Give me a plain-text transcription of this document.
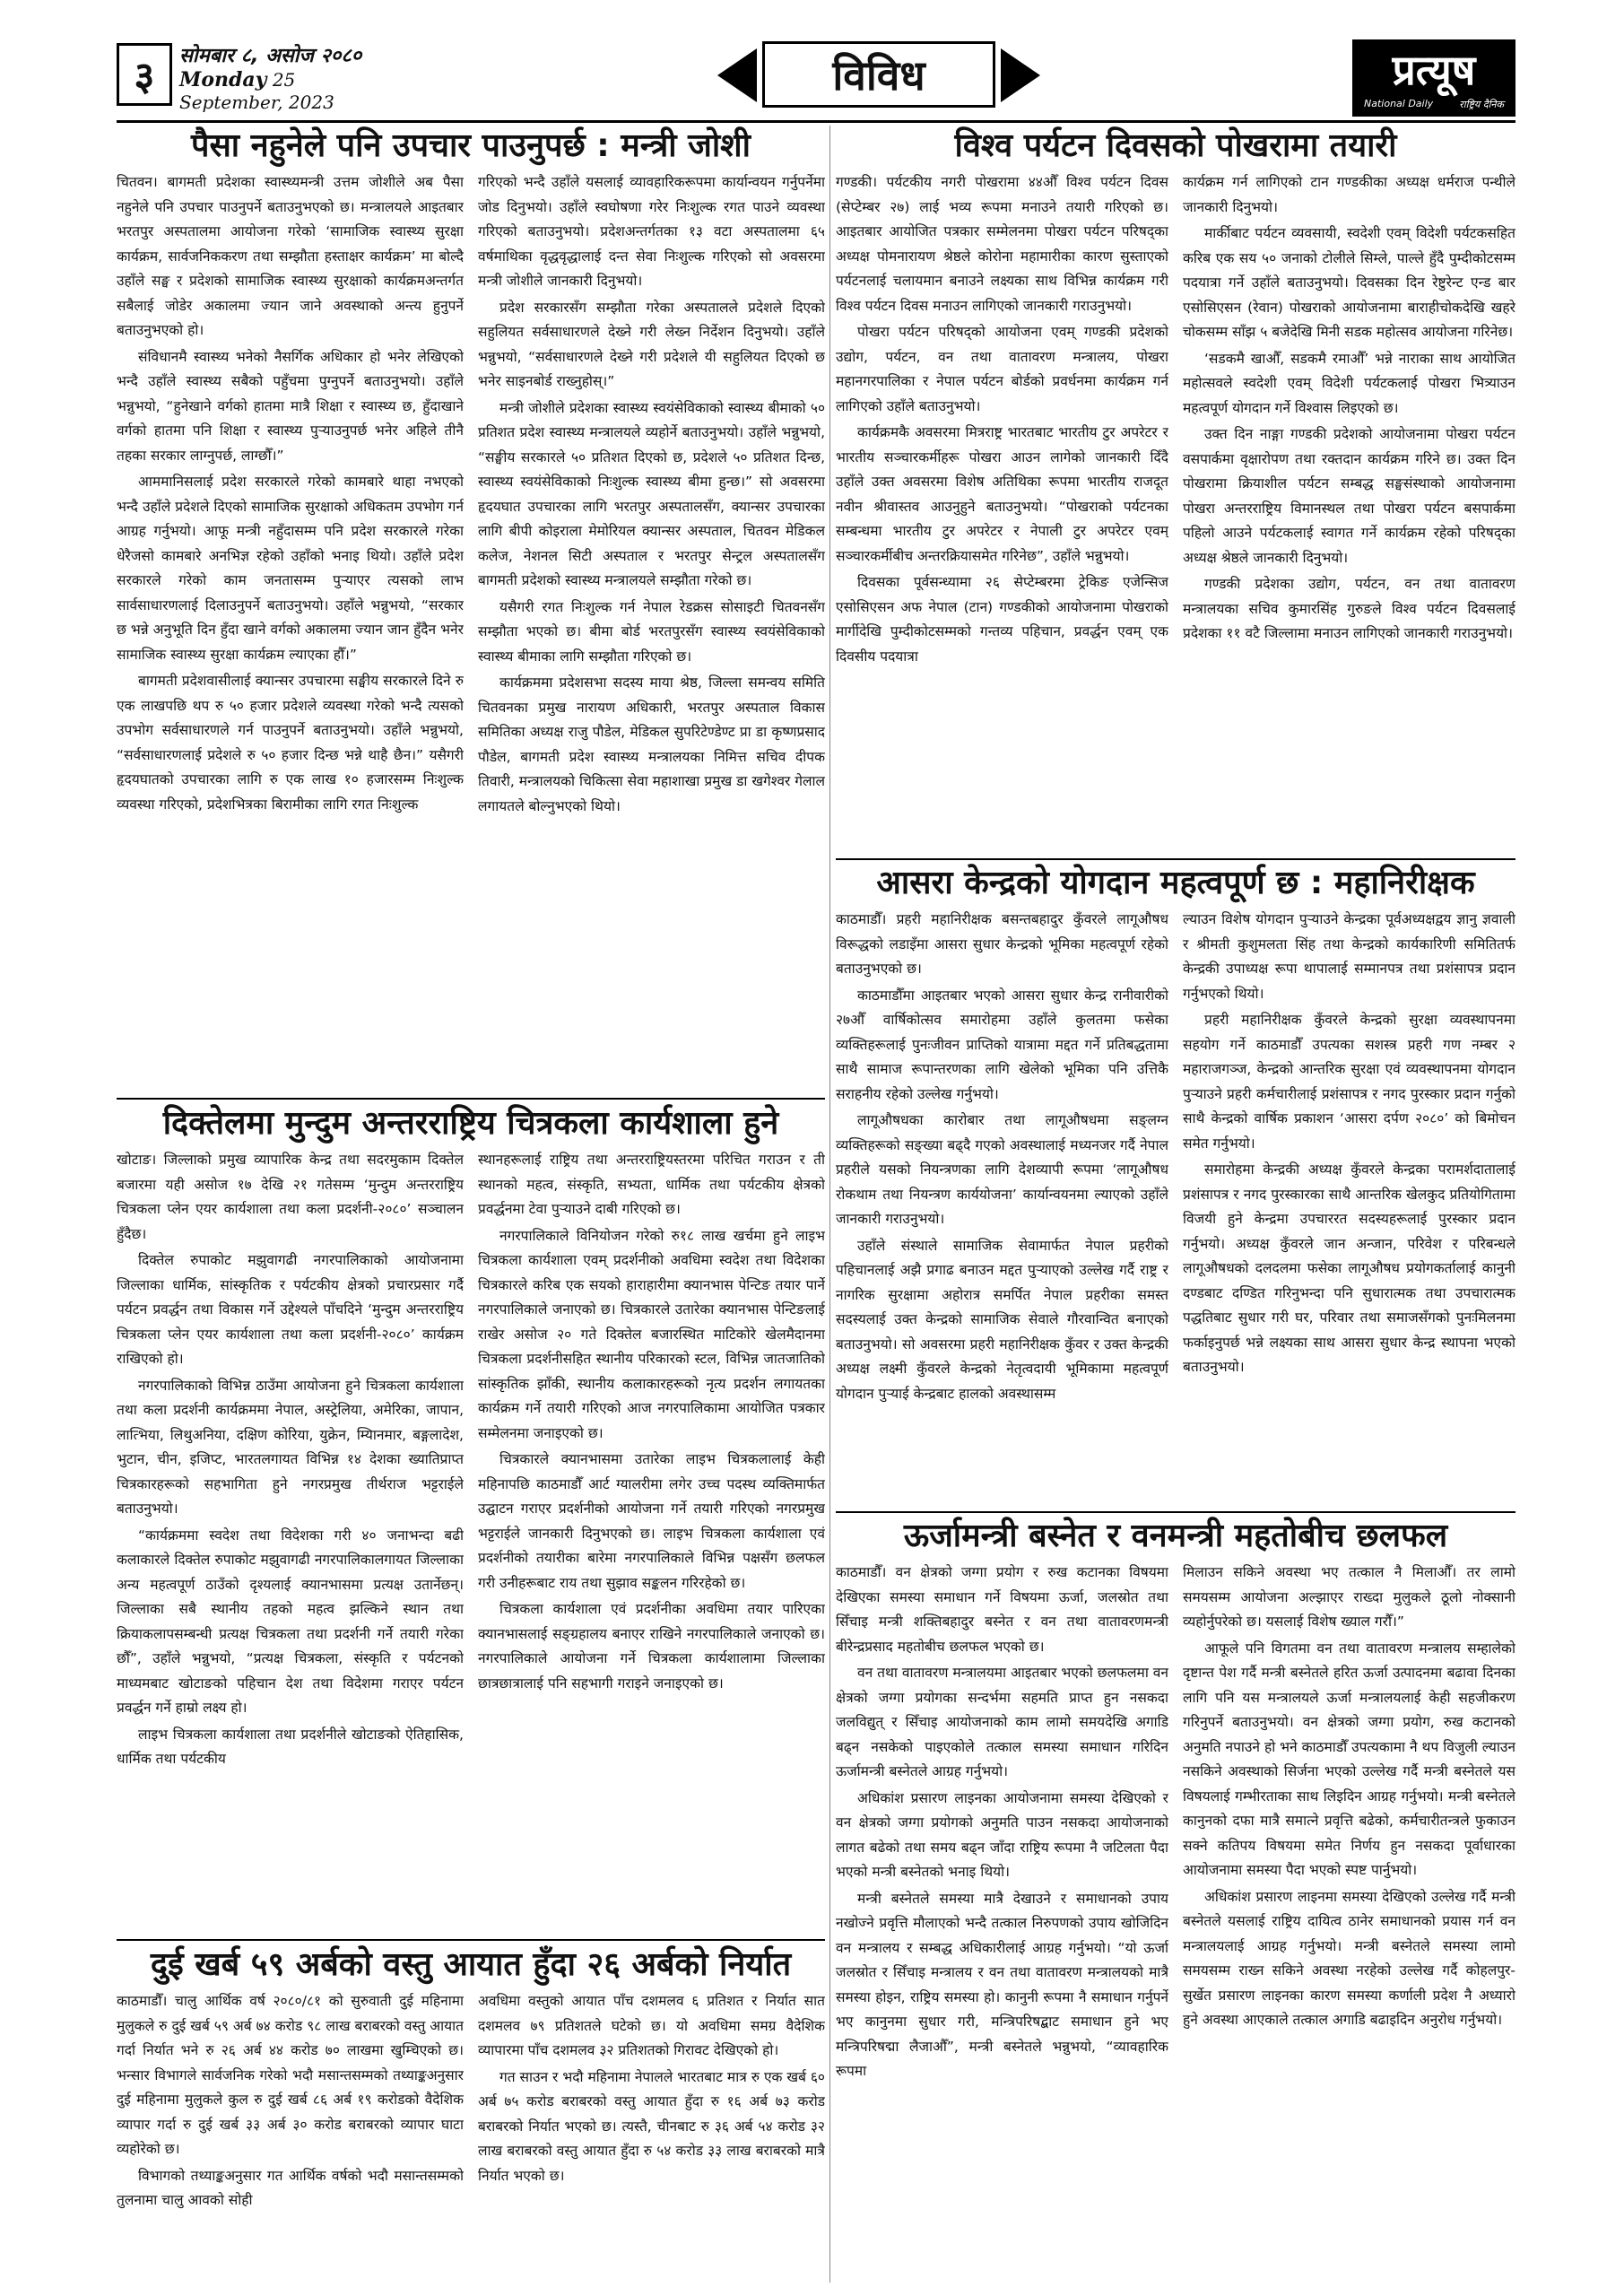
३	सोमबार ८, असोज २०८०
Monday 25 September, 2023
विविध	प्रत्यूष
National Daily	राष्ट्रिय दैनिक
पैसा नहुनेले पनि उपचार पाउनुपर्छ : मन्त्री जोशी

चितवन। बागमती प्रदेशका स्वास्थ्यमन्त्री उत्तम जोशीले अब पैसा नहुनेले पनि उपचार पाउनुपर्ने बताउनुभएको छ। मन्त्रालयले आइतबार भरतपुर अस्पतालमा आयोजना गरेको ‘सामाजिक स्वास्थ्य सुरक्षा कार्यक्रम, सार्वजनिककरण तथा सम्झौता हस्ताक्षर कार्यक्रम’ मा बोल्दै उहाँले सङ्घ र प्रदेशको सामाजिक स्वास्थ्य सुरक्षाको कार्यक्रमअन्तर्गत सबैलाई जोडेर अकालमा ज्यान जाने अवस्थाको अन्त्य हुनुपर्ने बताउनुभएको हो।

संविधानमै स्वास्थ्य भनेको नैसर्गिक अधिकार हो भनेर लेखिएको भन्दै उहाँले स्वास्थ्य सबैको पहुँचमा पुग्नुपर्ने बताउनुभयो। उहाँले भन्नुभयो, “हुनेखाने वर्गको हातमा मात्रै शिक्षा र स्वास्थ्य छ, हुँदाखाने वर्गको हातमा पनि शिक्षा र स्वास्थ्य पुऱ्याउनुपर्छ भनेर अहिले तीनै तहका सरकार लाग्नुपर्छ, लाग्छौँ।”

आममानिसलाई प्रदेश सरकारले गरेको कामबारे थाहा नभएको भन्दै उहाँले प्रदेशले दिएको सामाजिक सुरक्षाको अधिकतम उपभोग गर्न आग्रह गर्नुभयो। आफू मन्त्री नहुँदासम्म पनि प्रदेश सरकारले गरेका धेरैजसो कामबारे अनभिज्ञ रहेको उहाँको भनाइ थियो। उहाँले प्रदेश सरकारले गरेको काम जनतासम्म पुऱ्याएर त्यसको लाभ सार्वसाधारणलाई दिलाउनुपर्ने बताउनुभयो। उहाँले भन्नुभयो, “सरकार छ भन्ने अनुभूति दिन हुँदा खाने वर्गको अकालमा ज्यान जान हुँदैन भनेर सामाजिक स्वास्थ्य सुरक्षा कार्यक्रम ल्याएका हौँ।”

बागमती प्रदेशवासीलाई क्यान्सर उपचारमा सङ्घीय सरकारले दिने रु एक लाखपछि थप रु ५० हजार प्रदेशले व्यवस्था गरेको भन्दै त्यसको उपभोग सर्वसाधारणले गर्न पाउनुपर्ने बताउनुभयो। उहाँले भन्नुभयो, “सर्वसाधारणलाई प्रदेशले रु ५० हजार दिन्छ भन्ने थाहै छैन।” यसैगरी हृदयघातको उपचारका लागि रु एक लाख १० हजारसम्म निःशुल्क व्यवस्था गरिएको, प्रदेशभित्रका बिरामीका लागि रगत निःशुल्क

गरिएको भन्दै उहाँले यसलाई व्यावहारिकरूपमा कार्यान्वयन गर्नुपर्नेमा जोड दिनुभयो। उहाँले स्वघोषणा गरेर निःशुल्क रगत पाउने व्यवस्था गरिएको बताउनुभयो। प्रदेशअन्तर्गतका १३ वटा अस्पतालमा ६५ वर्षमाथिका वृद्धवृद्धालाई दन्त सेवा निःशुल्क गरिएको सो अवसरमा मन्त्री जोशीले जानकारी दिनुभयो।

प्रदेश सरकारसँग सम्झौता गरेका अस्पतालले प्रदेशले दिएको सहुलियत सर्वसाधारणले देख्ने गरी लेख्न निर्देशन दिनुभयो। उहाँले भन्नुभयो, “सर्वसाधारणले देख्ने गरी प्रदेशले यी सहुलियत दिएको छ भनेर साइनबोर्ड राख्नुहोस्।”

मन्त्री जोशीले प्रदेशका स्वास्थ्य स्वयंसेविकाको स्वास्थ्य बीमाको ५० प्रतिशत प्रदेश स्वास्थ्य मन्त्रालयले व्यहोर्ने बताउनुभयो। उहाँले भन्नुभयो, “सङ्घीय सरकारले ५० प्रतिशत दिएको छ, प्रदेशले ५० प्रतिशत दिन्छ, स्वास्थ्य स्वयंसेविकाको निःशुल्क स्वास्थ्य बीमा हुन्छ।” सो अवसरमा हृदयघात उपचारका लागि भरतपुर अस्पतालसँग, क्यान्सर उपचारका लागि बीपी कोइराला मेमोरियल क्यान्सर अस्पताल, चितवन मेडिकल कलेज, नेशनल सिटी अस्पताल र भरतपुर सेन्ट्रल अस्पतालसँग बागमती प्रदेशको स्वास्थ्य मन्त्रालयले सम्झौता गरेको छ।

यसैगरी रगत निःशुल्क गर्न नेपाल रेडक्रस सोसाइटी चितवनसँग सम्झौता भएको छ। बीमा बोर्ड भरतपुरसँग स्वास्थ्य स्वयंसेविकाको स्वास्थ्य बीमाका लागि सम्झौता गरिएको छ।

कार्यक्रममा प्रदेशसभा सदस्य माया श्रेष्ठ, जिल्ला समन्वय समिति चितवनका प्रमुख नारायण अधिकारी, भरतपुर अस्पताल विकास समितिका अध्यक्ष राजु पौडेल, मेडिकल सुपरिटेण्डेण्ट प्रा डा कृष्णप्रसाद पौडेल, बागमती प्रदेश स्वास्थ्य मन्त्रालयका निमित्त सचिव दीपक तिवारी, मन्त्रालयको चिकित्सा सेवा महाशाखा प्रमुख डा खगेश्वर गेलाल लगायतले बोल्नुभएको थियो।

विश्व पर्यटन दिवसको पोखरामा तयारी

गण्डकी। पर्यटकीय नगरी पोखरामा ४४औँ विश्व पर्यटन दिवस (सेप्टेम्बर २७) लाई भव्य रूपमा मनाउने तयारी गरिएको छ। आइतबार आयोजित पत्रकार सम्मेलनमा पोखरा पर्यटन परिषद्का अध्यक्ष पोमनारायण श्रेष्ठले कोरोना महामारीका कारण सुस्ताएको पर्यटनलाई चलायमान बनाउने लक्ष्यका साथ विभिन्न कार्यक्रम गरी विश्व पर्यटन दिवस मनाउन लागिएको जानकारी गराउनुभयो।

पोखरा पर्यटन परिषद्को आयोजना एवम् गण्डकी प्रदेशको उद्योग, पर्यटन, वन तथा वातावरण मन्त्रालय, पोखरा महानगरपालिका र नेपाल पर्यटन बोर्डको प्रवर्धनमा कार्यक्रम गर्न लागिएको उहाँले बताउनुभयो।

कार्यक्रमकै अवसरमा मित्रराष्ट्र भारतबाट भारतीय टुर अपरेटर र भारतीय सञ्चारकर्मीहरू पोखरा आउन लागेको जानकारी दिँदै उहाँले उक्त अवसरमा विशेष अतिथिका रूपमा भारतीय राजदूत नवीन श्रीवास्तव आउनुहुने बताउनुभयो। “पोखराको पर्यटनका सम्बन्धमा भारतीय टुर अपरेटर र नेपाली टुर अपरेटर एवम् सञ्चारकर्मीबीच अन्तरक्रियासमेत गरिनेछ”, उहाँले भन्नुभयो।

दिवसका पूर्वसन्ध्यामा २६ सेप्टेम्बरमा ट्रेकिङ एजेन्सिज एसोसिएसन अफ नेपाल (टान) गण्डकीको आयोजनामा पोखराको मार्गीदेखि पुम्दीकोटसम्मको गन्तव्य पहिचान, प्रवर्द्धन एवम् एक दिवसीय पदयात्रा

कार्यक्रम गर्न लागिएको टान गण्डकीका अध्यक्ष धर्मराज पन्थीले जानकारी दिनुभयो।

मार्कीबाट पर्यटन व्यवसायी, स्वदेशी एवम् विदेशी पर्यटकसहित करिब एक सय ५० जनाको टोलीले सिम्ले, पाल्ले हुँदै पुम्दीकोटसम्म पदयात्रा गर्ने उहाँले बताउनुभयो। दिवसका दिन रेष्टुरेन्ट एन्ड बार एसोसिएसन (रेवान) पोखराको आयोजनामा बाराहीचोकदेखि खहरे चोकसम्म साँझ ५ बजेदेखि मिनी सडक महोत्सव आयोजना गरिनेछ।

‘सडकमै खाऔँ, सडकमै रमाऔँ’ भन्ने नाराका साथ आयोजित महोत्सवले स्वदेशी एवम् विदेशी पर्यटकलाई पोखरा भित्र्याउन महत्वपूर्ण योगदान गर्ने विश्वास लिइएको छ।

उक्त दिन नाङ्गा गण्डकी प्रदेशको आयोजनामा पोखरा पर्यटन वसपार्कमा वृक्षारोपण तथा रक्तदान कार्यक्रम गरिने छ। उक्त दिन पोखरामा क्रियाशील पर्यटन सम्बद्ध सङ्घसंस्थाको आयोजनामा पोखरा अन्तरराष्ट्रिय विमानस्थल तथा पोखरा पर्यटन बसपार्कमा पहिलो आउने पर्यटकलाई स्वागत गर्ने कार्यक्रम रहेको परिषद्का अध्यक्ष श्रेष्ठले जानकारी दिनुभयो।

गण्डकी प्रदेशका उद्योग, पर्यटन, वन तथा वातावरण मन्त्रालयका सचिव कुमारसिंह गुरुङले विश्व पर्यटन दिवसलाई प्रदेशका ११ वटै जिल्लामा मनाउन लागिएको जानकारी गराउनुभयो।

आसरा केन्द्रको योगदान महत्वपूर्ण छ : महानिरीक्षक

काठमाडौँ। प्रहरी महानिरीक्षक बसन्तबहादुर कुँवरले लागूऔषध विरूद्धको लडाइँमा आसरा सुधार केन्द्रको भूमिका महत्वपूर्ण रहेको बताउनुभएको छ।

काठमाडौँमा आइतबार भएको आसरा सुधार केन्द्र रानीवारीको २७औँ वार्षिकोत्सव समारोहमा उहाँले कुलतमा फसेका व्यक्तिहरूलाई पुनःजीवन प्राप्तिको यात्रामा मद्दत गर्ने प्रतिबद्धतामा साथै सामाज रूपान्तरणका लागि खेलेको भूमिका पनि उत्तिकै सराहनीय रहेको उल्लेख गर्नुभयो।

लागूऔषधका कारोबार तथा लागूऔषधमा सङ्लग्न व्यक्तिहरूको सङ्ख्या बढ्दै गएको अवस्थालाई मध्यनजर गर्दै नेपाल प्रहरीले यसको नियन्त्रणका लागि देशव्यापी रूपमा ‘लागूऔषध रोकथाम तथा नियन्त्रण कार्ययोजना’ कार्यान्वयनमा ल्याएको उहाँले जानकारी गराउनुभयो।

उहाँले संस्थाले सामाजिक सेवामार्फत नेपाल प्रहरीको पहिचानलाई अझै प्रगाढ बनाउन मद्दत पुऱ्याएको उल्लेख गर्दै राष्ट्र र नागरिक सुरक्षामा अहोरात्र समर्पित नेपाल प्रहरीका समस्त सदस्यलाई उक्त केन्द्रको सामाजिक सेवाले गौरवान्वित बनाएको बताउनुभयो। सो अवसरमा प्रहरी महानिरीक्षक कुँवर र उक्त केन्द्रकी अध्यक्ष लक्ष्मी कुँवरले केन्द्रको नेतृत्वदायी भूमिकामा महत्वपूर्ण योगदान पुऱ्याई केन्द्रबाट हालको अवस्थासम्म

ल्याउन विशेष योगदान पुऱ्याउने केन्द्रका पूर्वअध्यक्षद्वय ज्ञानु ज्ञवाली र श्रीमती कुशुमलता सिंह तथा केन्द्रको कार्यकारिणी समितितर्फ केन्द्रकी उपाध्यक्ष रूपा थापालाई सम्मानपत्र तथा प्रशंसापत्र प्रदान गर्नुभएको थियो।

प्रहरी महानिरीक्षक कुँवरले केन्द्रको सुरक्षा व्यवस्थापनमा सहयोग गर्ने काठमाडौँ उपत्यका सशस्त्र प्रहरी गण नम्बर २ महाराजगञ्ज, केन्द्रको आन्तरिक सुरक्षा एवं व्यवस्थापनमा योगदान पुऱ्याउने प्रहरी कर्मचारीलाई प्रशंसापत्र र नगद पुरस्कार प्रदान गर्नुको साथै केन्द्रको वार्षिक प्रकाशन ‘आसरा दर्पण २०८०’ को बिमोचन समेत गर्नुभयो।

समारोहमा केन्द्रकी अध्यक्ष कुँवरले केन्द्रका परामर्शदातालाई प्रशंसापत्र र नगद पुरस्कारका साथै आन्तरिक खेलकुद प्रतियोगितामा विजयी हुने केन्द्रमा उपचाररत सदस्यहरूलाई पुरस्कार प्रदान गर्नुभयो। अध्यक्ष कुँवरले जान अन्जान, परिवेश र परिबन्धले लागूऔषधको दलदलमा फसेका लागूऔषध प्रयोगकर्तालाई कानुनी दण्डबाट दण्डित गरिनुभन्दा पनि सुधारात्मक तथा उपचारात्मक पद्धतिबाट सुधार गरी घर, परिवार तथा समाजसँगको पुनःमिलनमा फर्काइनुपर्छ भन्ने लक्ष्यका साथ आसरा सुधार केन्द्र स्थापना भएको बताउनुभयो।

दिक्तेलमा मुन्दुम अन्तरराष्ट्रिय चित्रकला कार्यशाला हुने

खोटाङ। जिल्लाको प्रमुख व्यापारिक केन्द्र तथा सदरमुकाम दिक्तेल बजारमा यही असोज १७ देखि २१ गतेसम्म ‘मुन्दुम अन्तरराष्ट्रिय चित्रकला प्लेन एयर कार्यशाला तथा कला प्रदर्शनी-२०८०’ सञ्चालन हुँदैछ।

दिक्तेल रुपाकोट मझुवागढी नगरपालिकाको आयोजनामा जिल्लाका धार्मिक, सांस्कृतिक र पर्यटकीय क्षेत्रको प्रचारप्रसार गर्दै पर्यटन प्रवर्द्धन तथा विकास गर्ने उद्देश्यले पाँचदिने ‘मुन्दुम अन्तरराष्ट्रिय चित्रकला प्लेन एयर कार्यशाला तथा कला प्रदर्शनी-२०८०’ कार्यक्रम राखिएको हो।

नगरपालिकाको विभिन्न ठाउँमा आयोजना हुने चित्रकला कार्यशाला तथा कला प्रदर्शनी कार्यक्रममा नेपाल, अस्ट्रेलिया, अमेरिका, जापान, लात्भिया, लिथुअनिया, दक्षिण कोरिया, युक्रेन, म्यिानमार, बङ्गलादेश, भुटान, चीन, इजिप्ट, भारतलगायत विभिन्न १४ देशका ख्यातिप्राप्त चित्रकारहरूको सहभागिता हुने नगरप्रमुख तीर्थराज भट्टराईले बताउनुभयो।

“कार्यक्रममा स्वदेश तथा विदेशका गरी ४० जनाभन्दा बढी कलाकारले दिक्तेल रुपाकोट मझुवागढी नगरपालिकालगायत जिल्लाका अन्य महत्वपूर्ण ठाउँको दृश्यलाई क्यानभासमा प्रत्यक्ष उतार्नेछन्। जिल्लाका सबै स्थानीय तहको महत्व झल्किने स्थान तथा क्रियाकलापसम्बन्धी प्रत्यक्ष चित्रकला तथा प्रदर्शनी गर्ने तयारी गरेका छौँ”, उहाँले भन्नुभयो, “प्रत्यक्ष चित्रकला, संस्कृति र पर्यटनको माध्यमबाट खोटाङको पहिचान देश तथा विदेशमा गराएर पर्यटन प्रवर्द्धन गर्ने हाम्रो लक्ष्य हो।

लाइभ चित्रकला कार्यशाला तथा प्रदर्शनीले खोटाङको ऐतिहासिक, धार्मिक तथा पर्यटकीय

स्थानहरूलाई राष्ट्रिय तथा अन्तरराष्ट्रियस्तरमा परिचित गराउन र ती स्थानको महत्व, संस्कृति, सभ्यता, धार्मिक तथा पर्यटकीय क्षेत्रको प्रवर्द्धनमा टेवा पुऱ्याउने दाबी गरिएको छ।

नगरपालिकाले विनियोजन गरेको रु१८ लाख खर्चमा हुने लाइभ चित्रकला कार्यशाला एवम् प्रदर्शनीको अवधिमा स्वदेश तथा विदेशका चित्रकारले करिब एक सयको हाराहारीमा क्यानभास पेन्टिङ तयार पार्ने नगरपालिकाले जनाएको छ। चित्रकारले उतारेका क्यानभास पेन्टिङलाई राखेर असोज २० गते दिक्तेल बजारस्थित माटिकोरे खेलमैदानमा चित्रकला प्रदर्शनीसहित स्थानीय परिकारको स्टल, विभिन्न जातजातिको सांस्कृतिक झाँकी, स्थानीय कलाकारहरूको नृत्य प्रदर्शन लगायतका कार्यक्रम गर्ने तयारी गरिएको आज नगरपालिकामा आयोजित पत्रकार सम्मेलनमा जनाइएको छ।

चित्रकारले क्यानभासमा उतारेका लाइभ चित्रकलालाई केही महिनापछि काठमाडौँ आर्ट ग्यालरीमा लगेर उच्च पदस्थ व्यक्तिमार्फत उद्घाटन गराएर प्रदर्शनीको आयोजना गर्ने तयारी गरिएको नगरप्रमुख भट्टराईले जानकारी दिनुभएको छ। लाइभ चित्रकला कार्यशाला एवं प्रदर्शनीको तयारीका बारेमा नगरपालिकाले विभिन्न पक्षसँग छलफल गरी उनीहरूबाट राय तथा सुझाव सङ्कलन गरिरहेको छ।

चित्रकला कार्यशाला एवं प्रदर्शनीका अवधिमा तयार पारिएका क्यानभासलाई सङ्ग्रहालय बनाएर राखिने नगरपालिकाले जनाएको छ। नगरपालिकाले आयोजना गर्ने चित्रकला कार्यशालामा जिल्लाका छात्रछात्रालाई पनि सहभागी गराइने जनाइएको छ।

ऊर्जामन्त्री बस्नेत र वनमन्त्री महतोबीच छलफल

काठमाडौँ। वन क्षेत्रको जग्गा प्रयोग र रुख कटानका विषयमा देखिएका समस्या समाधान गर्ने विषयमा ऊर्जा, जलस्रोत तथा सिँचाइ मन्त्री शक्तिबहादुर बस्नेत र वन तथा वातावरणमन्त्री बीरेन्द्रप्रसाद महतोबीच छलफल भएको छ।

वन तथा वातावरण मन्त्रालयमा आइतबार भएको छलफलमा वन क्षेत्रको जग्गा प्रयोगका सन्दर्भमा सहमति प्राप्त हुन नसकदा जलविद्युत् र सिँचाइ आयोजनाको काम लामो समयदेखि अगाडि बढ्न नसकेको पाइएकोले तत्काल समस्या समाधान गरिदिन ऊर्जामन्त्री बस्नेतले आग्रह गर्नुभयो।

अधिकांश प्रसारण लाइनका आयोजनामा समस्या देखिएको र वन क्षेत्रको जग्गा प्रयोगको अनुमति पाउन नसकदा आयोजनाको लागत बढेको तथा समय बढ्न जाँदा राष्ट्रिय रूपमा नै जटिलता पैदा भएको मन्त्री बस्नेतको भनाइ थियो।

मन्त्री बस्नेतले समस्या मात्रै देखाउने र समाधानको उपाय नखोज्ने प्रवृत्ति मौलाएको भन्दै तत्काल निरुपणको उपाय खोजिदिन वन मन्त्रालय र सम्बद्ध अधिकारीलाई आग्रह गर्नुभयो। “यो ऊर्जा जलस्रोत र सिँचाइ मन्त्रालय र वन तथा वातावरण मन्त्रालयको मात्रै समस्या होइन, राष्ट्रिय समस्या हो। कानुनी रूपमा नै समाधान गर्नुपर्ने भए कानुनमा सुधार गरी, मन्त्रिपरिषद्बाट समाधान हुने भए मन्त्रिपरिषद्मा लैजाऔँ”, मन्त्री बस्नेतले भन्नुभयो, “व्यावहारिक रूपमा

मिलाउन सकिने अवस्था भए तत्काल नै मिलाऔँ। तर लामो समयसम्म आयोजना अल्झाएर राख्दा मुलुकले ठूलो नोक्सानी व्यहोर्नुपरेको छ। यसलाई विशेष ख्याल गरौँ।”

आफूले पनि विगतमा वन तथा वातावरण मन्त्रालय सम्हालेको दृष्टान्त पेश गर्दै मन्त्री बस्नेतले हरित ऊर्जा उत्पादनमा बढावा दिनका लागि पनि यस मन्त्रालयले ऊर्जा मन्त्रालयलाई केही सहजीकरण गरिनुपर्ने बताउनुभयो। वन क्षेत्रको जग्गा प्रयोग, रुख कटानको अनुमति नपाउने हो भने काठमाडौँ उपत्यकामा नै थप विजुली ल्याउन नसकिने अवस्थाको सिर्जना भएको उल्लेख गर्दै मन्त्री बस्नेतले यस विषयलाई गम्भीरताका साथ लिइदिन आग्रह गर्नुभयो। मन्त्री बस्नेतले कानुनको दफा मात्रै समात्ने प्रवृत्ति बढेको, कर्मचारीतन्त्रले फुकाउन सक्ने कतिपय विषयमा समेत निर्णय हुन नसकदा पूर्वाधारका आयोजनामा समस्या पैदा भएको स्पष्ट पार्नुभयो।

अधिकांश प्रसारण लाइनमा समस्या देखिएको उल्लेख गर्दै मन्त्री बस्नेतले यसलाई राष्ट्रिय दायित्व ठानेर समाधानको प्रयास गर्न वन मन्त्रालयलाई आग्रह गर्नुभयो। मन्त्री बस्नेतले समस्या लामो समयसम्म राख्न सकिने अवस्था नरहेको उल्लेख गर्दै कोहलपुर-सुर्खेत प्रसारण लाइनका कारण समस्या कर्णाली प्रदेश नै अध्यारो हुने अवस्था आएकाले तत्काल अगाडि बढाइदिन अनुरोध गर्नुभयो।

दुई खर्ब ५९ अर्बको वस्तु आयात हुँदा २६ अर्बको निर्यात

काठमाडौँ। चालु आर्थिक वर्ष २०८०/८१ को सुरुवाती दुई महिनामा मुलुकले रु दुई खर्ब ५९ अर्ब ७४ करोड ९८ लाख बराबरको वस्तु आयात गर्दा निर्यात भने रु २६ अर्ब ४४ करोड ७० लाखमा खुम्चिएको छ। भन्सार विभागले सार्वजनिक गरेको भदौ मसान्तसम्मको तथ्याङ्कअनुसार दुई महिनामा मुलुकले कुल रु दुई खर्ब ८६ अर्ब १९ करोडको वैदेशिक व्यापार गर्दा रु दुई खर्ब ३३ अर्ब ३० करोड बराबरको व्यापार घाटा व्यहोरेको छ।

विभागको तथ्याङ्कअनुसार गत आर्थिक वर्षको भदौ मसान्तसम्मको तुलनामा चालु आवको सोही

अवधिमा वस्तुको आयात पाँच दशमलव ६ प्रतिशत र निर्यात सात दशमलव ७९ प्रतिशतले घटेको छ। यो अवधिमा समग्र वैदेशिक व्यापारमा पाँच दशमलव ३२ प्रतिशतको गिरावट देखिएको हो।

गत साउन र भदौ महिनामा नेपालले भारतबाट मात्र रु एक खर्ब ६० अर्ब ७५ करोड बराबरको वस्तु आयात हुँदा रु १६ अर्ब ७३ करोड बराबरको निर्यात भएको छ। त्यस्तै, चीनबाट रु ३६ अर्ब ५४ करोड ३२ लाख बराबरको वस्तु आयात हुँदा रु ५४ करोड ३३ लाख बराबरको मात्रै निर्यात भएको छ।
